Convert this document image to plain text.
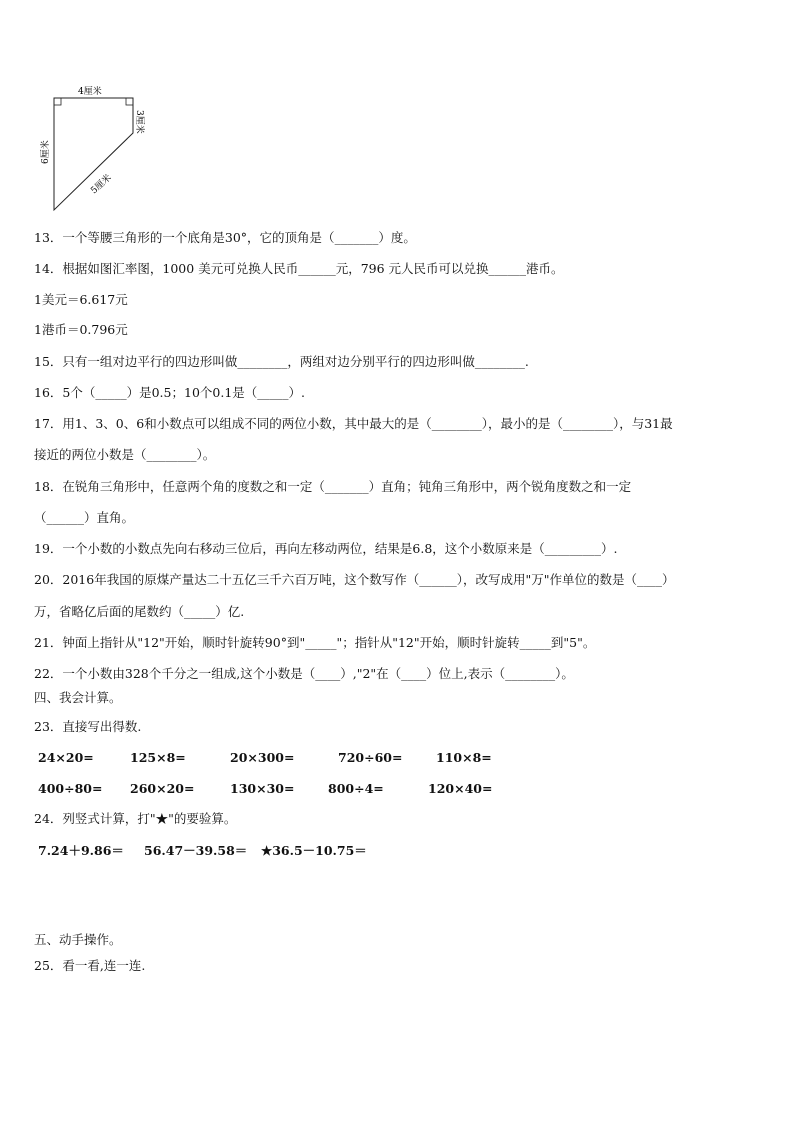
4厘米
3厘米
6厘米
5厘米
13．一个等腰三角形的一个底角是30°，它的顶角是（_______）度。
14．根据如图汇率图，1000 美元可兑换人民币______元，796 元人民币可以兑换______港币。
1美元＝6.617元
1港币＝0.796元
15．只有一组对边平行的四边形叫做________，两组对边分别平行的四边形叫做________.
16．5个（_____）是0.5；10个0.1是（_____）.
17．用1、3、0、6和小数点可以组成不同的两位小数，其中最大的是（________），最小的是（________），与31最
接近的两位小数是（________）。
18．在锐角三角形中，任意两个角的度数之和一定（_______）直角；钝角三角形中，两个锐角度数之和一定
（______）直角。
19．一个小数的小数点先向右移动三位后，再向左移动两位，结果是6.8，这个小数原来是（_________）.
20．2016年我国的原煤产量达二十五亿三千六百万吨，这个数写作（______），改写成用"万"作单位的数是（____）
万，省略亿后面的尾数约（_____）亿.
21．钟面上指针从"12"开始，顺时针旋转90°到"_____"；指针从"12"开始，顺时针旋转_____到"5"。
22．一个小数由328个千分之一组成,这个小数是（____）,"2"在（____）位上,表示（________）。
四、我会计算。
23．直接写出得数.
24×20=	125×8=	20×300=	720÷60=	110×8=
400÷80= 260×20=	130×30=	800÷4=	120×40=
24．列竖式计算，打"★"的要验算。
7.24＋9.86＝ 56.47－39.58＝ ★36.5－10.75＝
五、动手操作。
25．看一看,连一连.
